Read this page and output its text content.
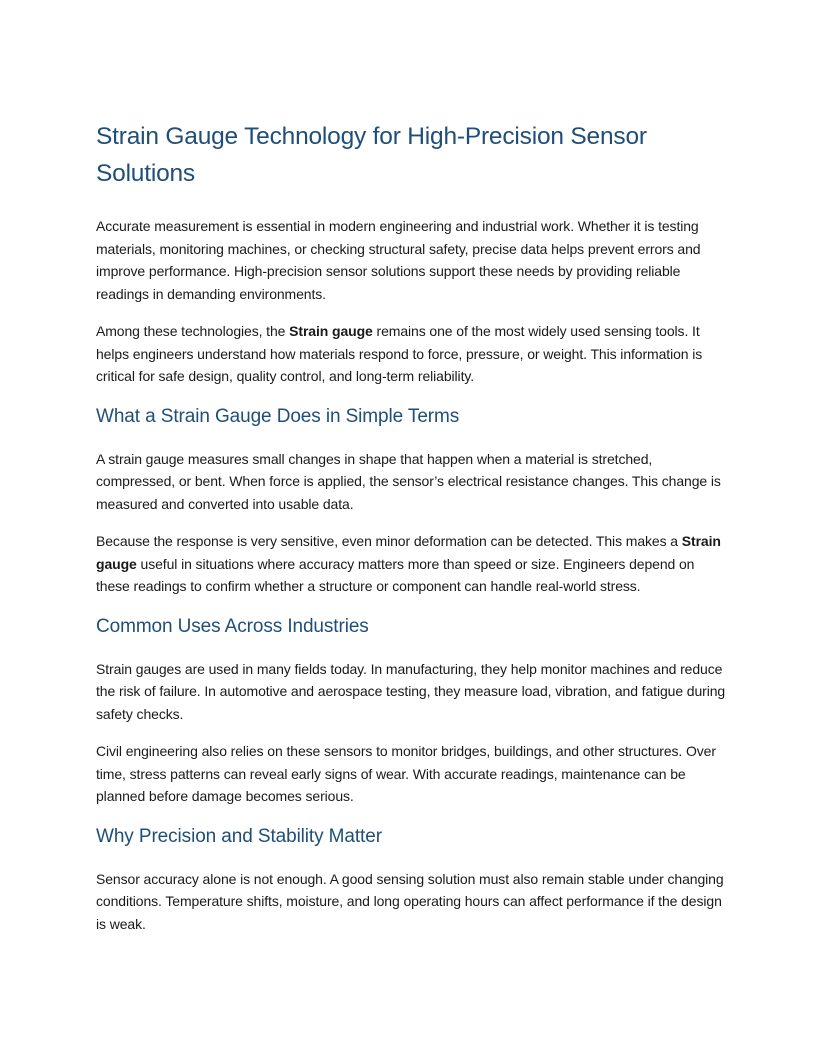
Strain Gauge Technology for High-Precision Sensor Solutions

Accurate measurement is essential in modern engineering and industrial work. Whether it is testing materials, monitoring machines, or checking structural safety, precise data helps prevent errors and improve performance. High-precision sensor solutions support these needs by providing reliable readings in demanding environments.

Among these technologies, the Strain gauge remains one of the most widely used sensing tools. It helps engineers understand how materials respond to force, pressure, or weight. This information is critical for safe design, quality control, and long-term reliability.

What a Strain Gauge Does in Simple Terms

A strain gauge measures small changes in shape that happen when a material is stretched, compressed, or bent. When force is applied, the sensor’s electrical resistance changes. This change is measured and converted into usable data.

Because the response is very sensitive, even minor deformation can be detected. This makes a Strain gauge useful in situations where accuracy matters more than speed or size. Engineers depend on these readings to confirm whether a structure or component can handle real-world stress.

Common Uses Across Industries

Strain gauges are used in many fields today. In manufacturing, they help monitor machines and reduce the risk of failure. In automotive and aerospace testing, they measure load, vibration, and fatigue during safety checks.

Civil engineering also relies on these sensors to monitor bridges, buildings, and other structures. Over time, stress patterns can reveal early signs of wear. With accurate readings, maintenance can be planned before damage becomes serious.

Why Precision and Stability Matter

Sensor accuracy alone is not enough. A good sensing solution must also remain stable under changing conditions. Temperature shifts, moisture, and long operating hours can affect performance if the design is weak.
